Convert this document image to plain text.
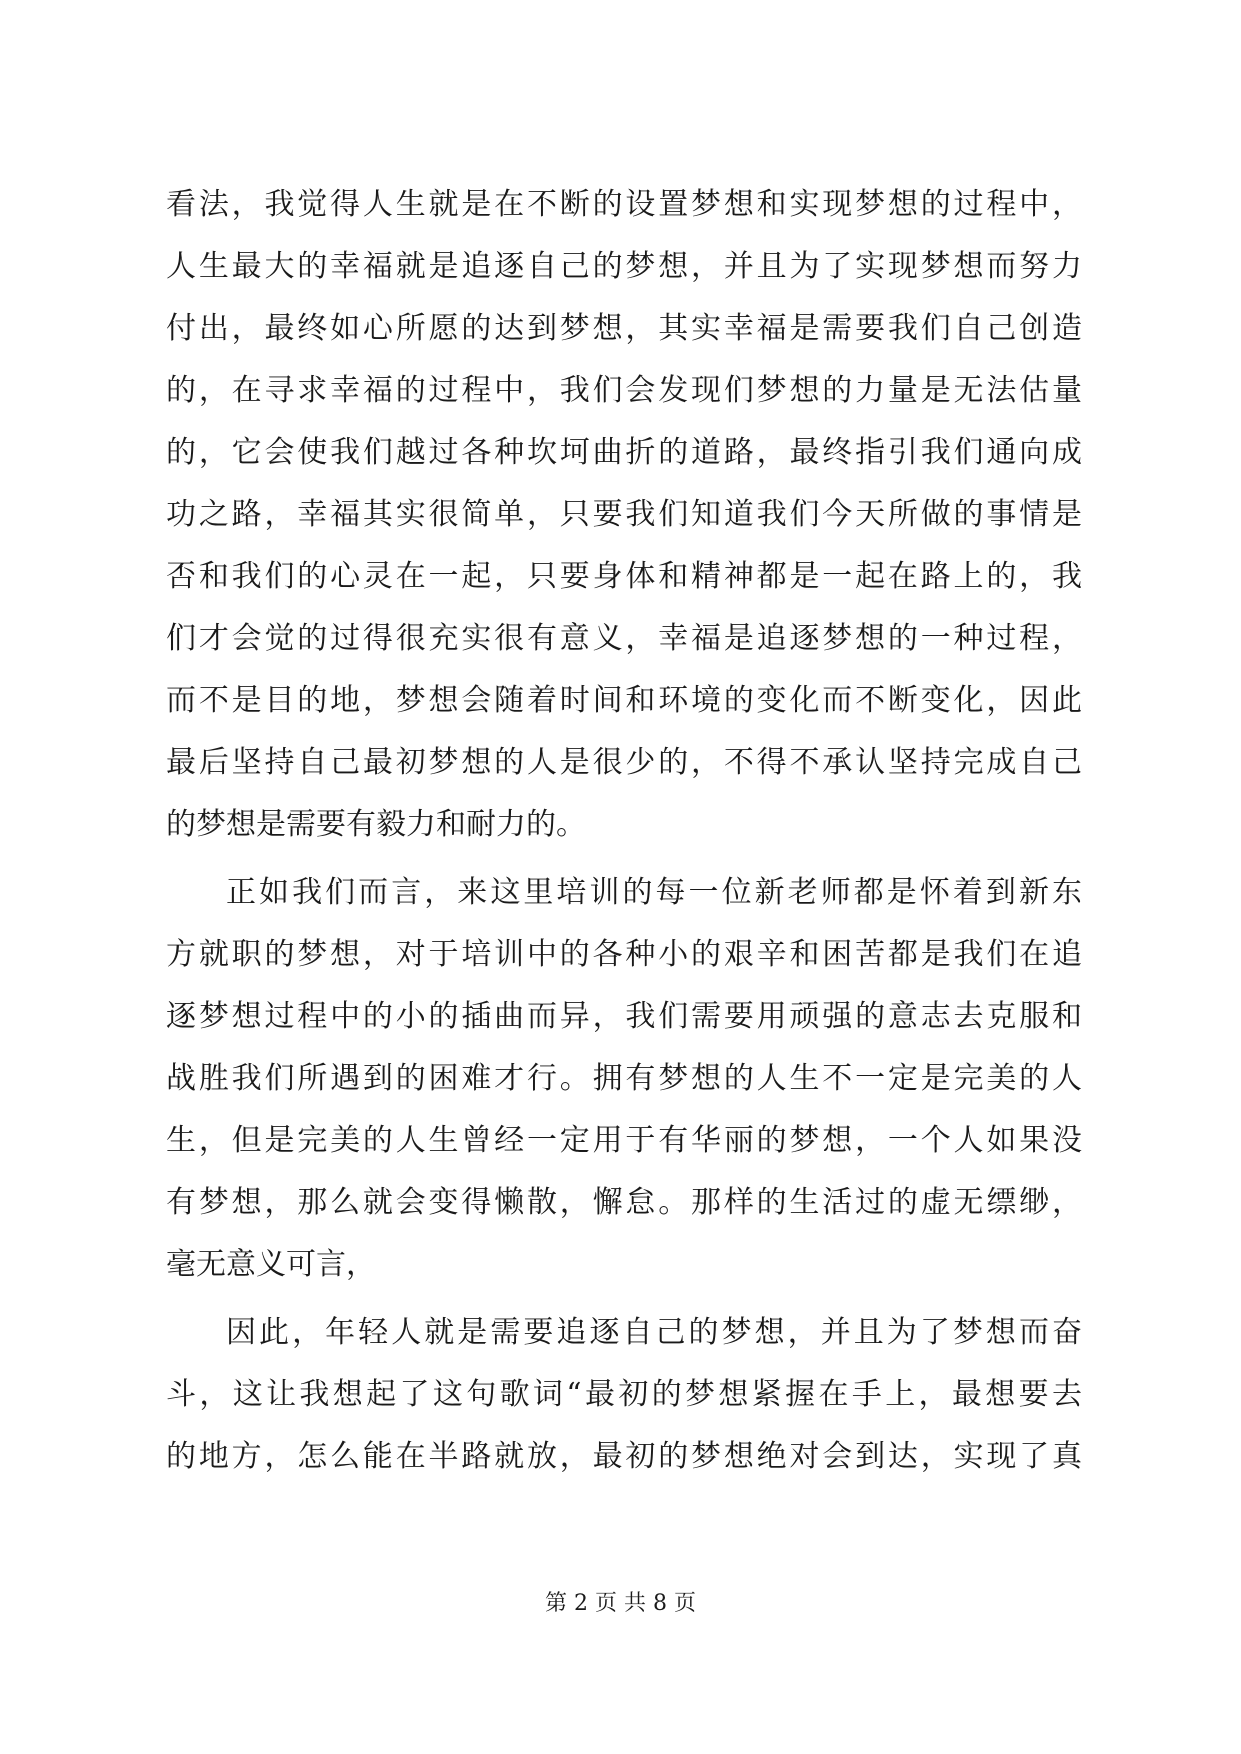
看法，我觉得人生就是在不断的设置梦想和实现梦想的过程中，
人生最大的幸福就是追逐自己的梦想，并且为了实现梦想而努力
付出，最终如心所愿的达到梦想，其实幸福是需要我们自己创造
的，在寻求幸福的过程中，我们会发现们梦想的力量是无法估量
的，它会使我们越过各种坎坷曲折的道路，最终指引我们通向成
功之路，幸福其实很简单，只要我们知道我们今天所做的事情是
否和我们的心灵在一起，只要身体和精神都是一起在路上的，我
们才会觉的过得很充实很有意义，幸福是追逐梦想的一种过程，
而不是目的地，梦想会随着时间和环境的变化而不断变化，因此
最后坚持自己最初梦想的人是很少的，不得不承认坚持完成自己
的梦想是需要有毅力和耐力的。
正如我们而言，来这里培训的每一位新老师都是怀着到新东
方就职的梦想，对于培训中的各种小的艰辛和困苦都是我们在追
逐梦想过程中的小的插曲而异，我们需要用顽强的意志去克服和
战胜我们所遇到的困难才行。拥有梦想的人生不一定是完美的人
生，但是完美的人生曾经一定用于有华丽的梦想，一个人如果没
有梦想，那么就会变得懒散，懈怠。那样的生活过的虚无缥缈，
毫无意义可言，
因此，年轻人就是需要追逐自己的梦想，并且为了梦想而奋
斗，这让我想起了这句歌词“最初的梦想紧握在手上，最想要去
的地方，怎么能在半路就放，最初的梦想绝对会到达，实现了真
第 2 页 共 8 页
